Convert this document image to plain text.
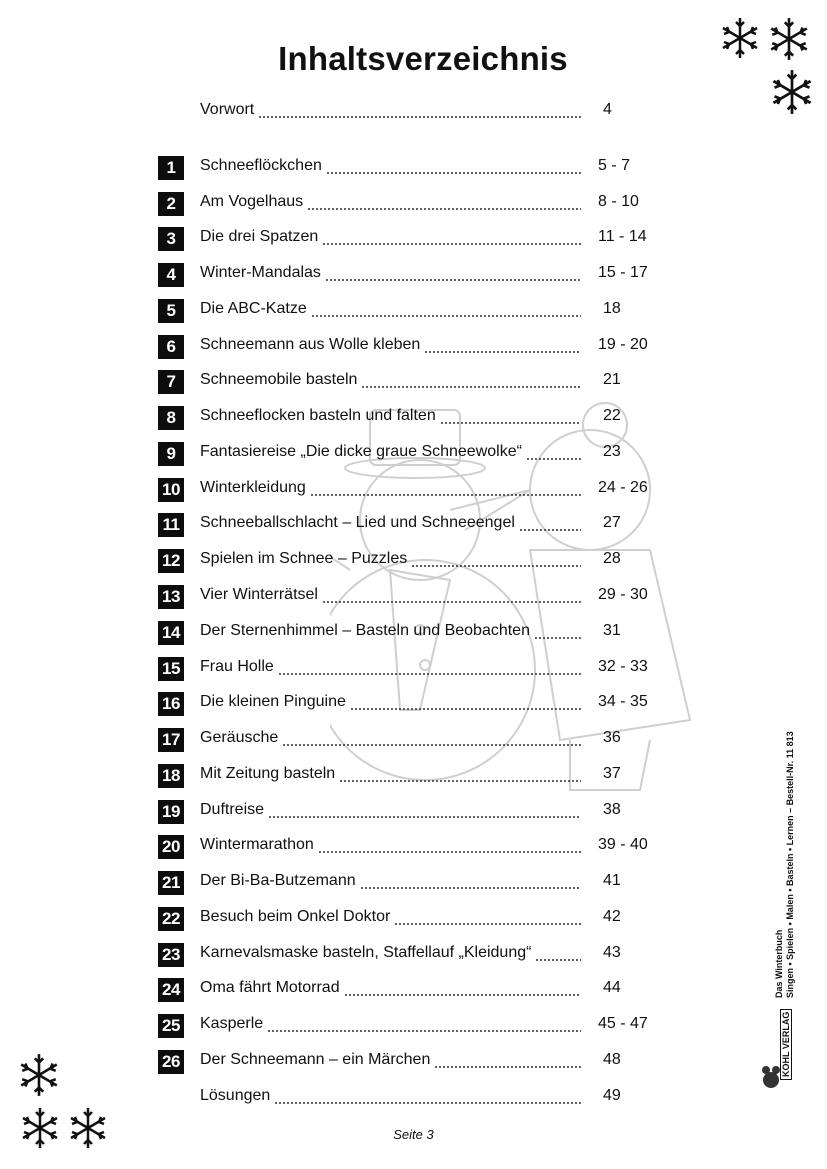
Inhaltsverzeichnis
Vorwort	4
1	Schneeflöckchen	5 - 7
2	Am Vogelhaus	8 - 10
3	Die drei Spatzen	11 - 14
4	Winter-Mandalas	15 - 17
5	Die ABC-Katze	18
6	Schneemann aus Wolle kleben	19 - 20
7	Schneemobile basteln	21
8	Schneeflocken basteln und falten	22
9	Fantasiereise „Die dicke graue Schneewolke“	23
10 Winterkleidung	24 - 26
11 Schneeballschlacht – Lied und Schneeengel	27
12 Spielen im Schnee – Puzzles	28
13 Vier Winterrätsel	29 - 30
14 Der Sternenhimmel – Basteln und Beobachten	31
15 Frau Holle	32 - 33
16 Die kleinen Pinguine	34 - 35
17 Geräusche	36
18 Mit Zeitung basteln	37
19 Duftreise	38
20 Wintermarathon	39 - 40
21 Der Bi-Ba-Butzemann	41
22 Besuch beim Onkel Doktor	42
23 Karnevalsmaske basteln, Staffellauf „Kleidung“	43
24 Oma fährt Motorrad	44
25 Kasperle	45 - 47
26 Der Schneemann – ein Märchen	48
Lösungen	49
Das Winterbuch Singen • Spielen • Malen • Basteln • Lernen – Bestell-Nr. 11 813
KOHL VERLAG
Seite 3
